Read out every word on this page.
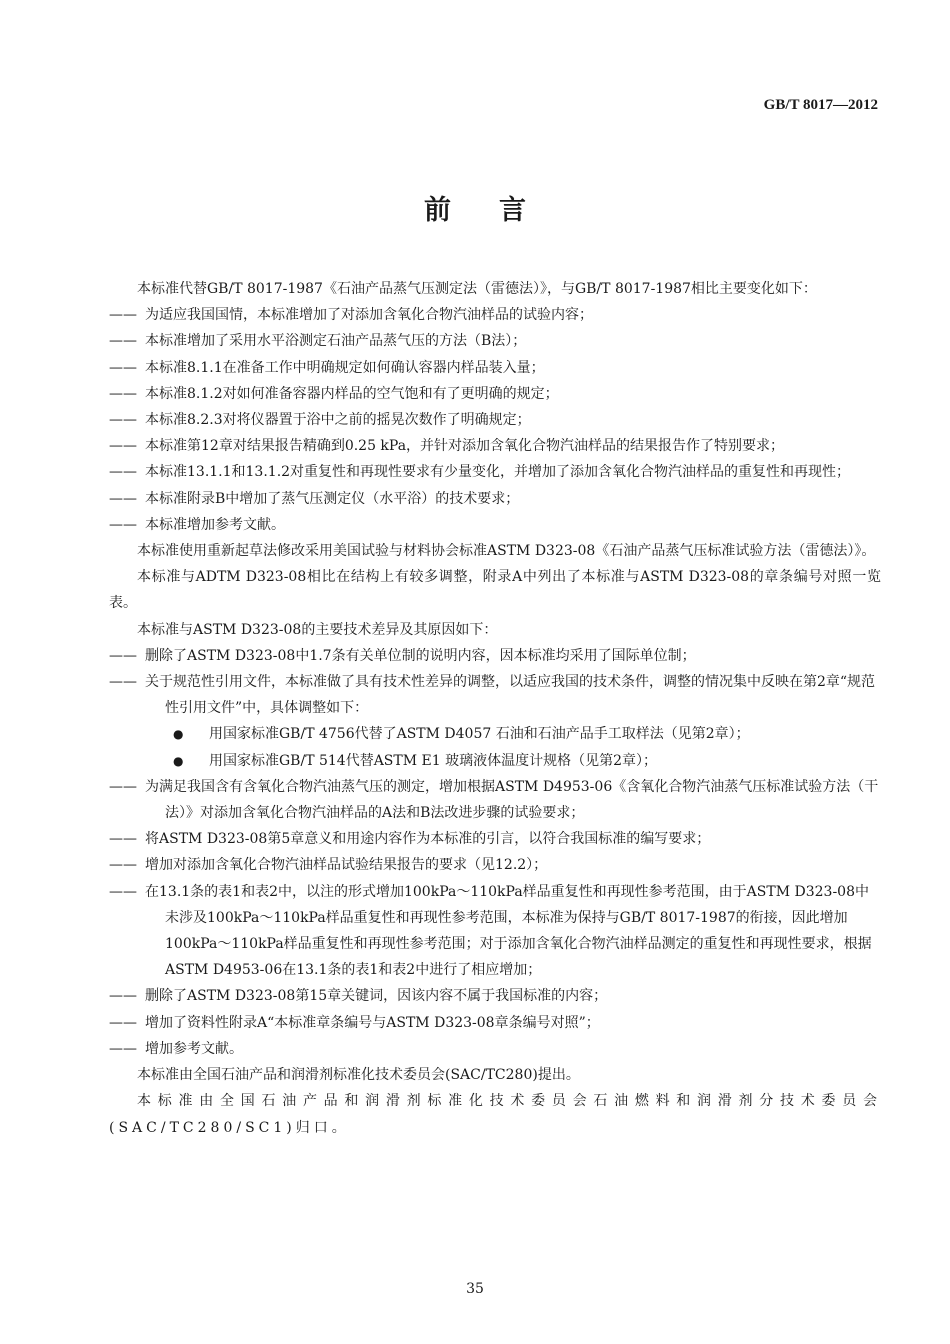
GB/T 8017—2012
前言
本标准代替GB/T 8017-1987《石油产品蒸气压测定法（雷德法）》，与GB/T 8017-1987相比主要变化如下：
—— 为适应我国国情，本标准增加了对添加含氧化合物汽油样品的试验内容；
—— 本标准增加了采用水平浴测定石油产品蒸气压的方法（B法）；
—— 本标准8.1.1在准备工作中明确规定如何确认容器内样品装入量；
—— 本标准8.1.2对如何准备容器内样品的空气饱和有了更明确的规定；
—— 本标准8.2.3对将仪器置于浴中之前的摇晃次数作了明确规定；
—— 本标准第12章对结果报告精确到0.25 kPa，并针对添加含氧化合物汽油样品的结果报告作了特别要求；
—— 本标准13.1.1和13.1.2对重复性和再现性要求有少量变化，并增加了添加含氧化合物汽油样品的重复性和再现性；
—— 本标准附录B中增加了蒸气压测定仪（水平浴）的技术要求；
—— 本标准增加参考文献。
本标准使用重新起草法修改采用美国试验与材料协会标准ASTM D323-08《石油产品蒸气压标准试验方法（雷德法）》。
本标准与ADTM D323-08相比在结构上有较多调整，附录A中列出了本标准与ASTM D323-08的章条编号对照一览表。
本标准与ASTM D323-08的主要技术差异及其原因如下：
—— 删除了ASTM D323-08中1.7条有关单位制的说明内容，因本标准均采用了国际单位制；
—— 关于规范性引用文件，本标准做了具有技术性差异的调整，以适应我国的技术条件，调整的情况集中反映在第2章“规范性引用文件”中，具体调整如下：
● 用国家标准GB/T 4756代替了ASTM D4057 石油和石油产品手工取样法（见第2章）；
● 用国家标准GB/T 514代替ASTM E1 玻璃液体温度计规格（见第2章）；
—— 为满足我国含有含氧化合物汽油蒸气压的测定，增加根据ASTM D4953-06《含氧化合物汽油蒸气压标准试验方法（干法）》对添加含氧化合物汽油样品的A法和B法改进步骤的试验要求；
—— 将ASTM D323-08第5章意义和用途内容作为本标准的引言，以符合我国标准的编写要求；
—— 增加对添加含氧化合物汽油样品试验结果报告的要求（见12.2）；
—— 在13.1条的表1和表2中，以注的形式增加100kPa～110kPa样品重复性和再现性参考范围，由于ASTM D323-08中未涉及100kPa～110kPa样品重复性和再现性参考范围，本标准为保持与GB/T 8017-1987的衔接，因此增加100kPa～110kPa样品重复性和再现性参考范围；对于添加含氧化合物汽油样品测定的重复性和再现性要求，根据ASTM D4953-06在13.1条的表1和表2中进行了相应增加；
—— 删除了ASTM D323-08第15章关键词，因该内容不属于我国标准的内容；
—— 增加了资料性附录A“本标准章条编号与ASTM D323-08章条编号对照”；
—— 增加参考文献。
本标准由全国石油产品和润滑剂标准化技术委员会(SAC/TC280)提出。
本标准由全国石油产品和润滑剂标准化技术委员会石油燃料和润滑剂分技术委员会(SAC/TC280/SC1)归口。
35
